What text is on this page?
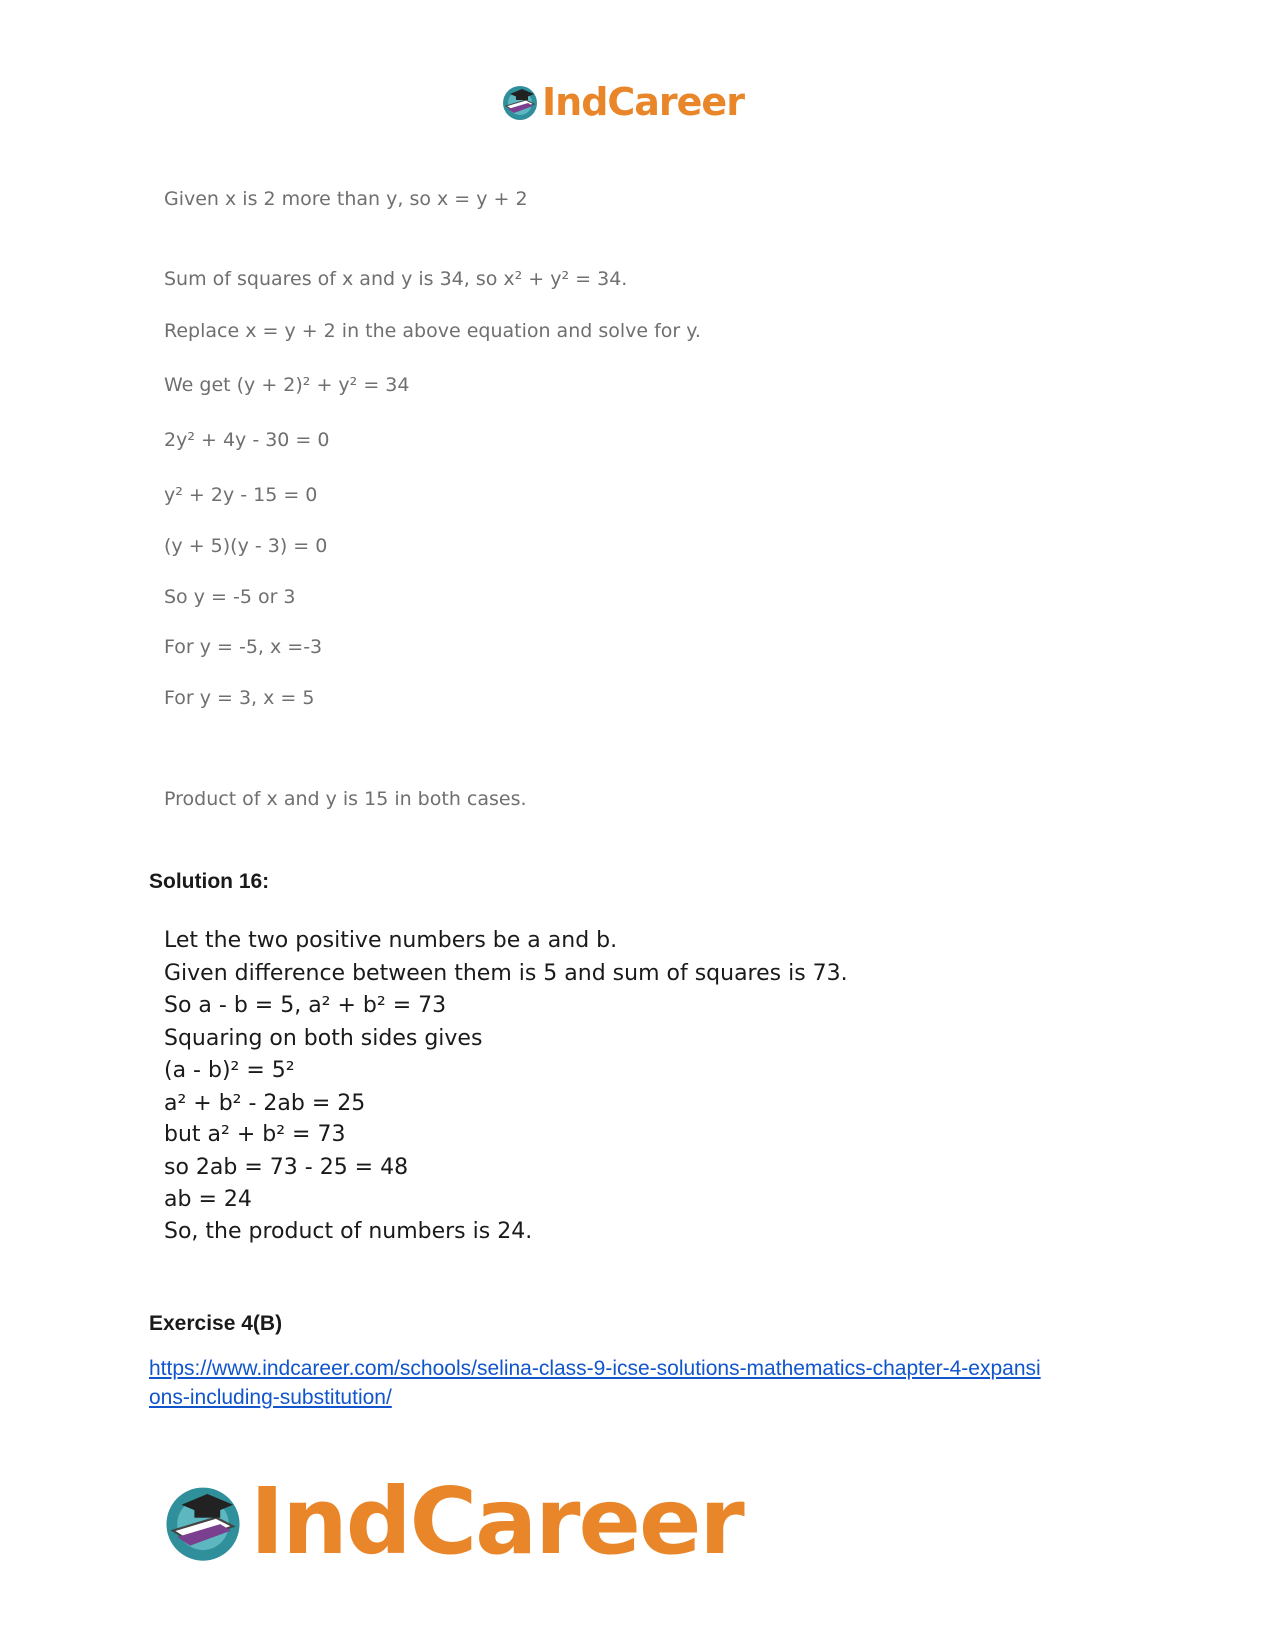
IndCareer
Given x is 2 more than y, so x = y + 2
Sum of squares of x and y is 34, so x² + y² = 34.
Replace x = y + 2 in the above equation and solve for y.
We get (y + 2)² + y² = 34
2y² + 4y - 30 = 0
y² + 2y - 15 = 0
(y + 5)(y - 3) = 0
So y = -5 or 3
For y = -5, x =-3
For y = 3, x = 5
Product of x and y is 15 in both cases.
Solution 16:
Let the two positive numbers be a and b.
Given difference between them is 5 and sum of squares is 73.
So a - b = 5, a² + b² = 73
Squaring on both sides gives
(a - b)² = 5²
a² + b² - 2ab = 25
but a² + b² = 73
so 2ab = 73 - 25 = 48
ab = 24
So, the product of numbers is 24.
Exercise 4(B)
https://www.indcareer.com/schools/selina-class-9-icse-solutions-mathematics-chapter-4-expansi
ons-including-substitution/
IndCareer
